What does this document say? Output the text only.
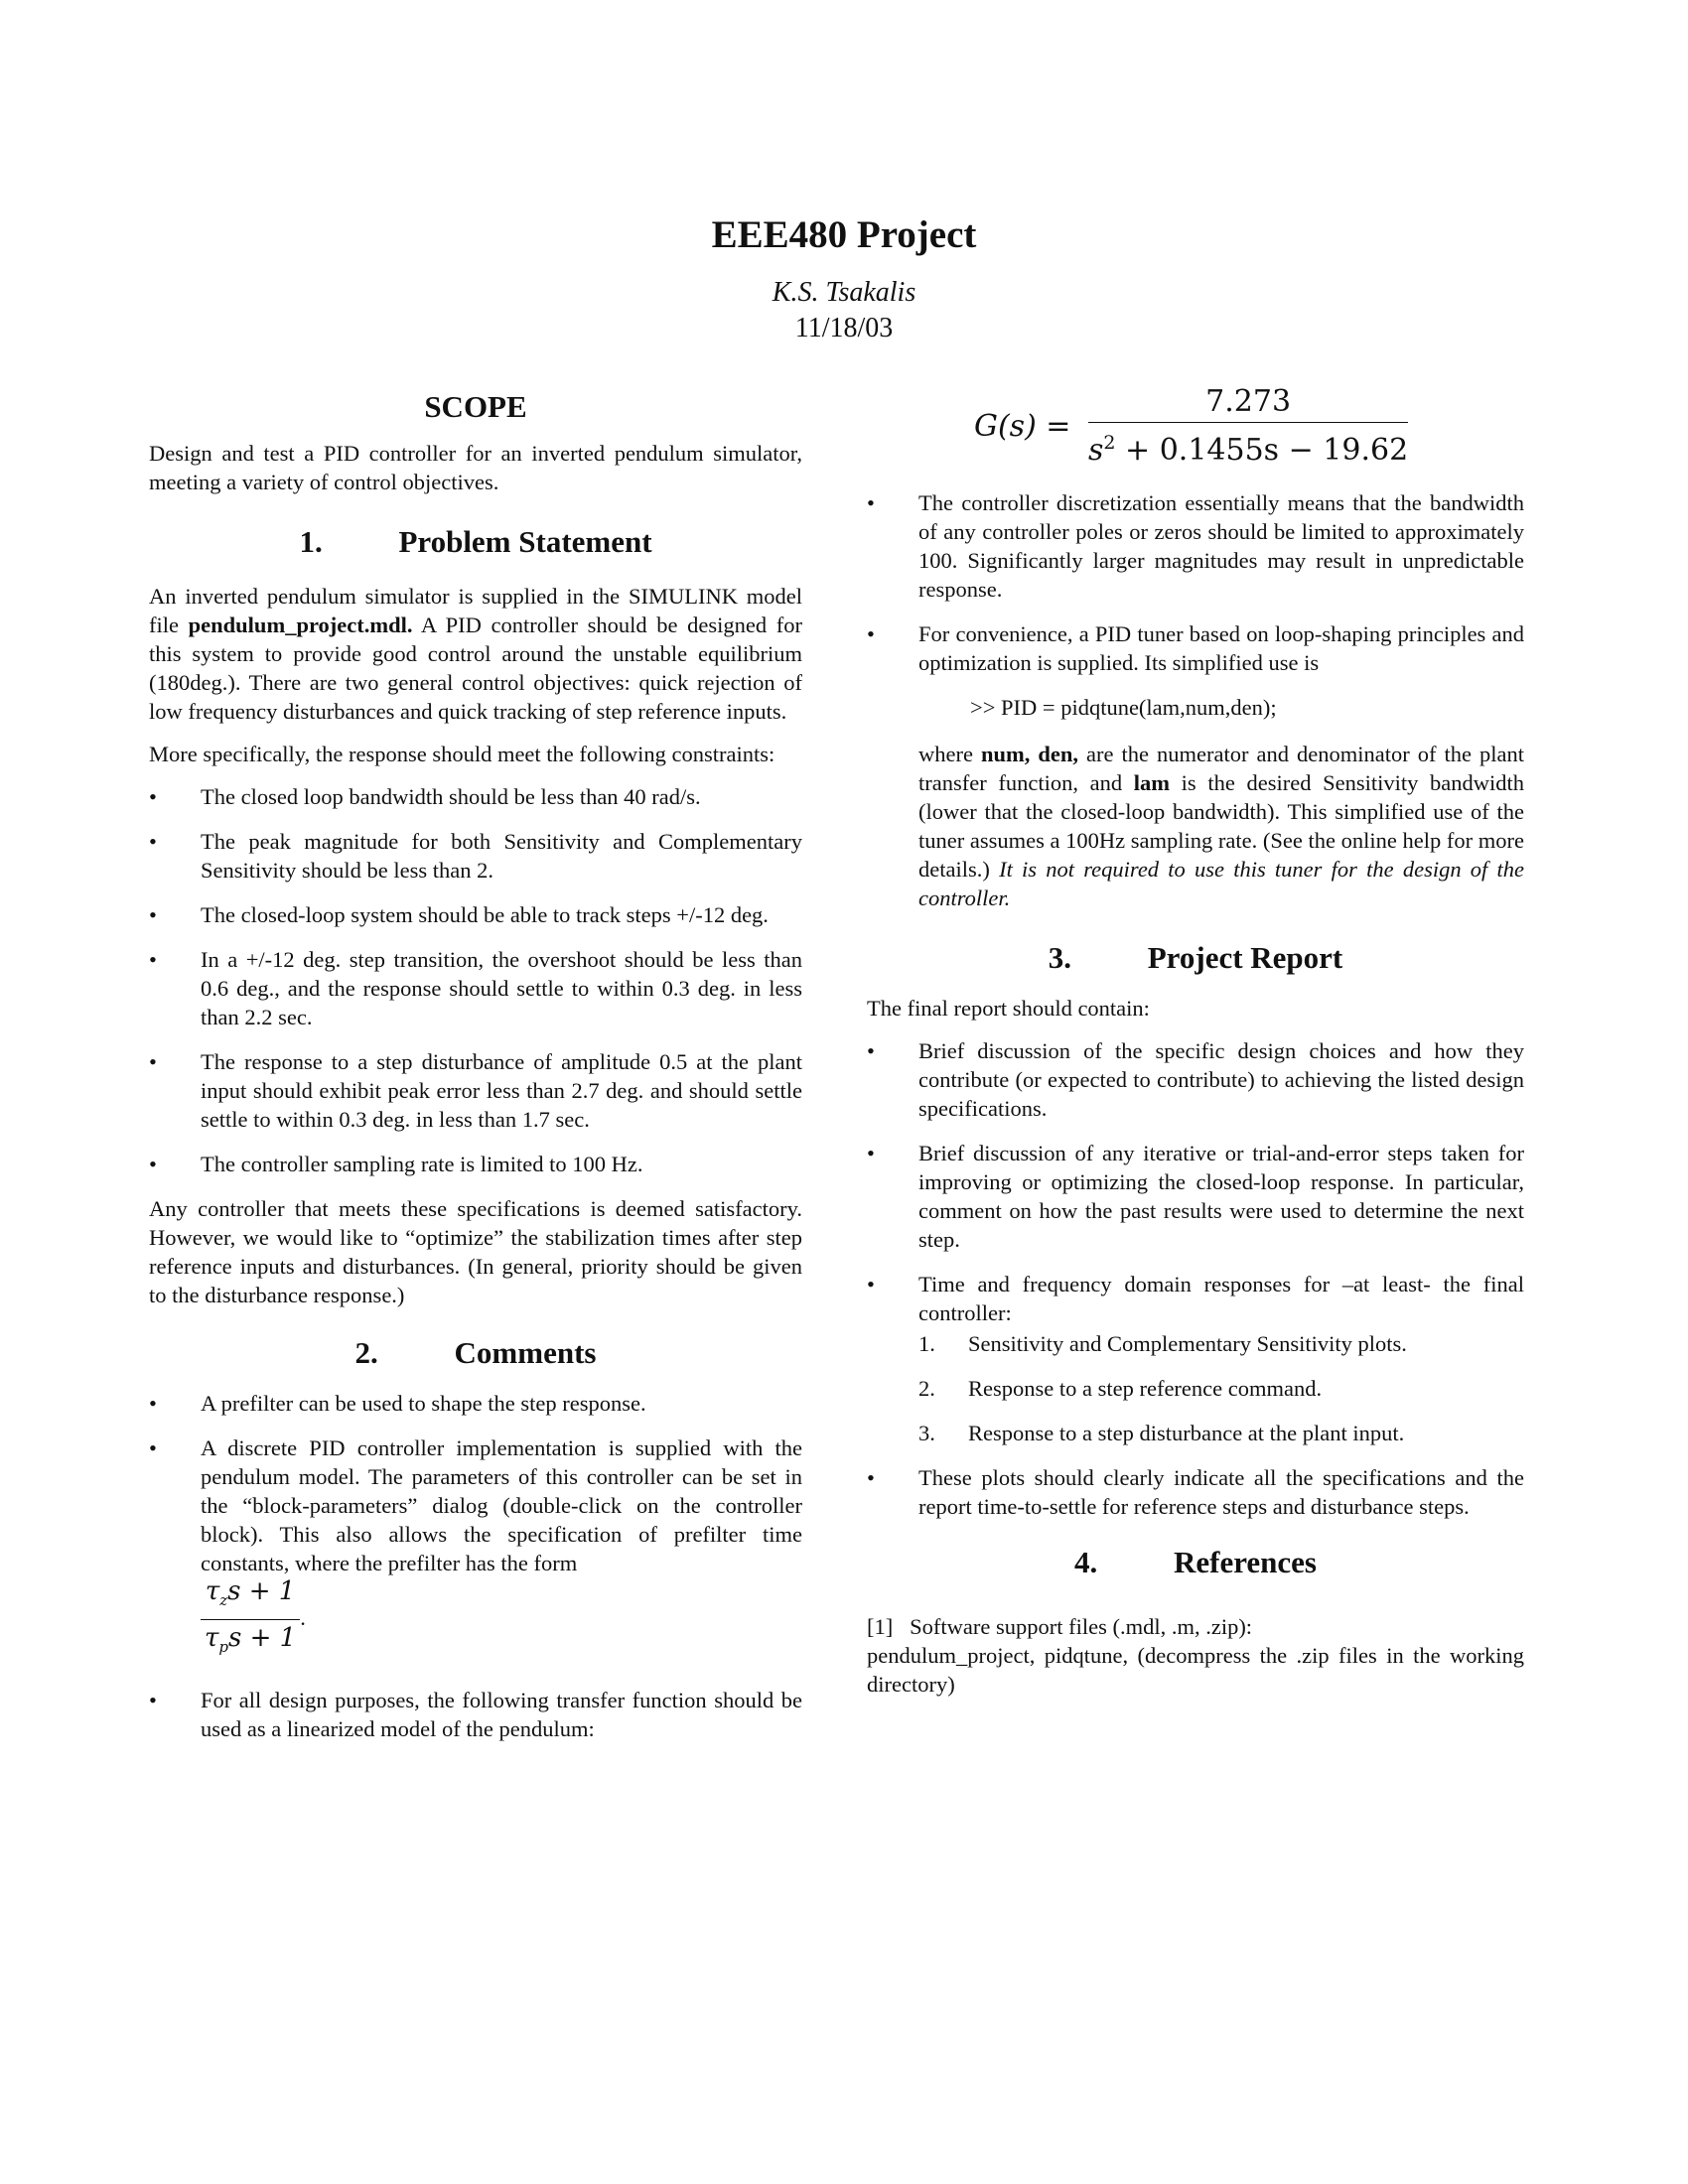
EEE480 Project
K.S. Tsakalis
11/18/03
SCOPE

Design and test a PID controller for an inverted pendulum simulator, meeting a variety of control objectives.

1. Problem Statement

An inverted pendulum simulator is supplied in the SIMULINK model file pendulum_project.mdl. A PID controller should be designed for this system to provide good control around the unstable equilibrium (180deg.). There are two general control objectives: quick rejection of low frequency disturbances and quick tracking of step reference inputs.

More specifically, the response should meet the following constraints:

• The closed loop bandwidth should be less than 40 rad/s.
• The peak magnitude for both Sensitivity and Complementary Sensitivity should be less than 2.
• The closed-loop system should be able to track steps +/-12 deg.
• In a +/-12 deg. step transition, the overshoot should be less than 0.6 deg., and the response should settle to within 0.3 deg. in less than 2.2 sec.
• The response to a step disturbance of amplitude 0.5 at the plant input should exhibit peak error less than 2.7 deg. and should settle settle to within 0.3 deg. in less than 1.7 sec.
• The controller sampling rate is limited to 100 Hz.

Any controller that meets these specifications is deemed satisfactory. However, we would like to “optimize” the stabilization times after step reference inputs and disturbances. (In general, priority should be given to the disturbance response.)

2. Comments
• A prefilter can be used to shape the step response.
• A discrete PID controller implementation is supplied with the pendulum model. The parameters of this controller can be set in the “block-parameters” dialog (double-click on the controller block). This also allows the specification of prefilter time constants, where the prefilter has the form

$\frac{\tau_zs + 1}{\tau_ps + 1}$ .
• For all design purposes, the following transfer function should be used as a linearized model of the pendulum:
$G(s) = \frac{7.273}{s^2 + 0.1455s - 19.62}$
• The controller discretization essentially means that the bandwidth of any controller poles or zeros should be limited to approximately 100. Significantly larger magnitudes may result in unpredictable response.
• For convenience, a PID tuner based on loop-shaping principles and optimization is supplied. Its simplified use is
>> PID = pidqtune(lam,num,den);
where num, den, are the numerator and denominator of the plant transfer function, and lam is the desired Sensitivity bandwidth (lower that the closed-loop bandwidth). This simplified use of the tuner assumes a 100Hz sampling rate. (See the online help for more details.) It is not required to use this tuner for the design of the controller.
3. Project Report

The final report should contain:

• Brief discussion of the specific design choices and how they contribute (or expected to contribute) to achieving the listed design specifications.
• Brief discussion of any iterative or trial-and-error steps taken for improving or optimizing the closed-loop response. In particular, comment on how the past results were used to determine the next step.
• Time and frequency domain responses for –at least- the final controller:
1. Sensitivity and Complementary Sensitivity plots.
2. Response to a step reference command.
3. Response to a step disturbance at the plant input.
• These plots should clearly indicate all the specifications and the report time-to-settle for reference steps and disturbance steps.
4. References

[1] Software support files (.mdl, .m, .zip):

pendulum_project, pidqtune, (decompress the .zip files in the working directory)
